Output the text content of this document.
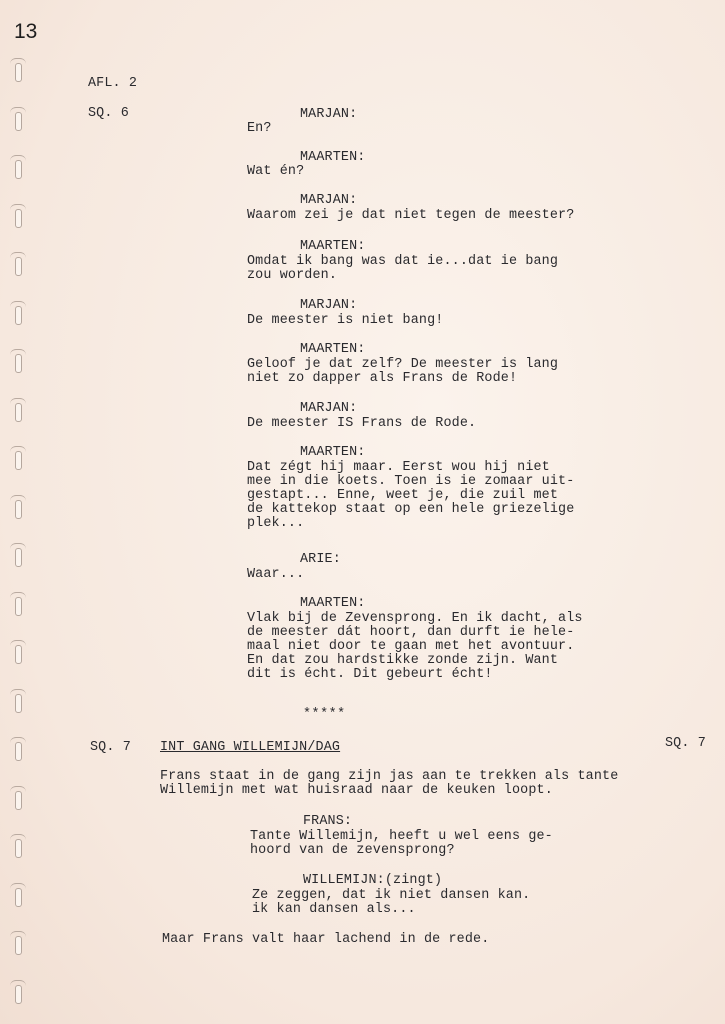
13
AFL. 2
SQ. 6	MARJAN:
En?
MAARTEN:
Wat én?
MARJAN:
Waarom zei je dat niet tegen de meester?
MAARTEN:
Omdat ik bang was dat ie...dat ie bang
zou worden.
MARJAN:
De meester is niet bang!
MAARTEN:
Geloof je dat zelf? De meester is lang
niet zo dapper als Frans de Rode!
MARJAN:
De meester IS Frans de Rode.
MAARTEN:
Dat zégt hij maar. Eerst wou hij niet
mee in die koets. Toen is ie zomaar uit-
gestapt... Enne, weet je, die zuil met
de kattekop staat op een hele griezelige
plek...
ARIE:
Waar...
MAARTEN:
Vlak bij de Zevensprong. En ik dacht, als
de meester dát hoort, dan durft ie hele-
maal niet door te gaan met het avontuur.
En dat zou hardstikke zonde zijn. Want
dit is écht. Dit gebeurt écht!
*****
SQ. 7 INT GANG WILLEMIJN/DAG	SQ. 7
Frans staat in de gang zijn jas aan te trekken als tante
Willemijn met wat huisraad naar de keuken loopt.
FRANS:
Tante Willemijn, heeft u wel eens ge-
hoord van de zevensprong?
WILLEMIJN:(zingt)
Ze zeggen, dat ik niet dansen kan.
ik kan dansen als...
Maar Frans valt haar lachend in de rede.
